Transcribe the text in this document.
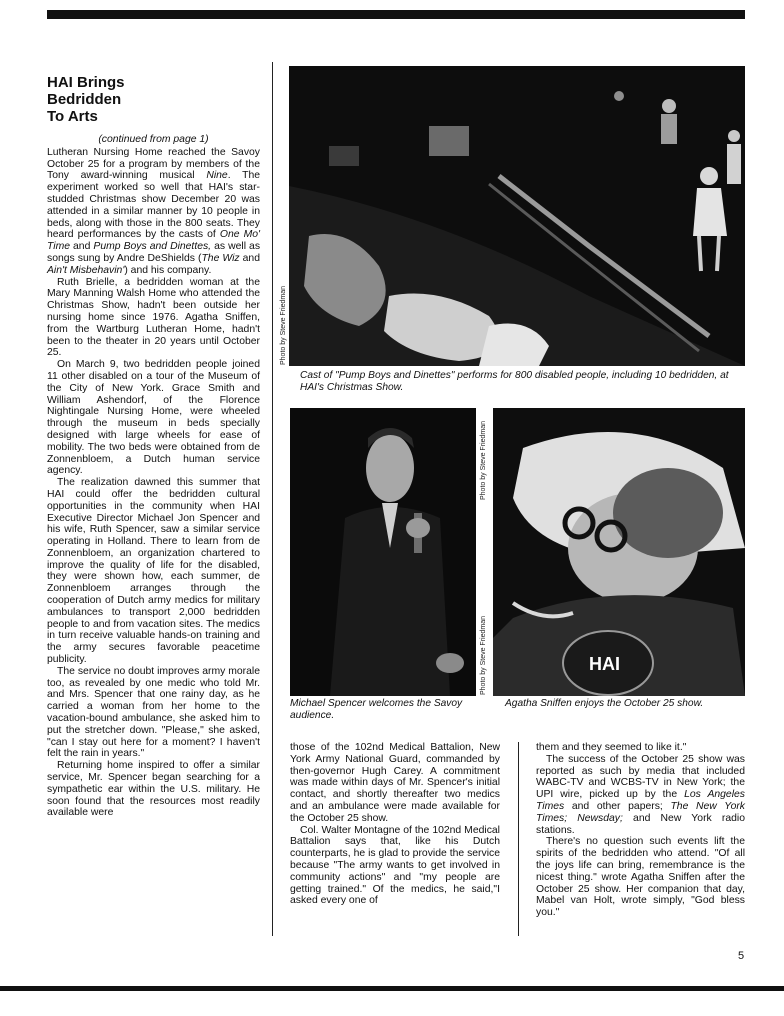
HAI Brings
Bedridden
To Arts

(continued from page 1)

Lutheran Nursing Home reached the Savoy October 25 for a program by members of the Tony award-winning musical Nine. The experiment worked so well that HAI's star-studded Christmas show December 20 was attended in a similar manner by 10 people in beds, along with those in the 800 seats. They heard performances by the casts of One Mo' Time and Pump Boys and Dinettes, as well as songs sung by Andre DeShields (The Wiz and Ain't Misbehavin') and his company.

Ruth Brielle, a bedridden woman at the Mary Manning Walsh Home who attended the Christmas Show, hadn't been outside her nursing home since 1976. Agatha Sniffen, from the Wartburg Lutheran Home, hadn't been to the theater in 20 years until October 25.

On March 9, two bedridden people joined 11 other disabled on a tour of the Museum of the City of New York. Grace Smith and William Ashendorf, of the Florence Nightingale Nursing Home, were wheeled through the museum in beds specially designed with large wheels for ease of mobility. The two beds were obtained from de Zonnenbloem, a Dutch human service agency.

The realization dawned this summer that HAI could offer the bedridden cultural opportunities in the community when HAI Executive Director Michael Jon Spencer and his wife, Ruth Spencer, saw a similar service operating in Holland. There to learn from de Zonnenbloem, an organization chartered to improve the quality of life for the disabled, they were shown how, each summer, de Zonnenbloem arranges through the cooperation of Dutch army medics for military ambulances to transport 2,000 bedridden people to and from vacation sites. The medics in turn receive valuable hands-on training and the army secures favorable peacetime publicity.

The service no doubt improves army morale too, as revealed by one medic who told Mr. and Mrs. Spencer that one rainy day, as he carried a woman from her home to the vacation-bound ambulance, she asked him to put the stretcher down. "Please," she asked, "can I stay out here for a moment? I haven't felt the rain in years."

Returning home inspired to offer a similar service, Mr. Spencer began searching for a sympathetic ear within the U.S. military. He soon found that the resources most readily available were

Photo by Steve Friedman
Cast of "Pump Boys and Dinettes" performs for 800 disabled people, including 10 bedridden, at HAI's Christmas Show.
Photo by Steve Friedman
HAI
Photo by Steve Friedman
Michael Spencer welcomes the Savoy audience.
Agatha Sniffen enjoys the October 25 show.

those of the 102nd Medical Battalion, New York Army National Guard, commanded by then-governor Hugh Carey. A commitment was made within days of Mr. Spencer's initial contact, and shortly thereafter two medics and an ambulance were made available for the October 25 show.

Col. Walter Montagne of the 102nd Medical Battalion says that, like his Dutch counterparts, he is glad to provide the service because "The army wants to get involved in community actions" and "my people are getting trained." Of the medics, he said,"I asked every one of

them and they seemed to like it."

The success of the October 25 show was reported as such by media that included WABC-TV and WCBS-TV in New York; the UPI wire, picked up by the Los Angeles Times and other papers; The New York Times; Newsday; and New York radio stations.

There's no question such events lift the spirits of the bedridden who attend. "Of all the joys life can bring, remembrance is the nicest thing." wrote Agatha Sniffen after the October 25 show. Her companion that day, Mabel van Holt, wrote simply, "God bless you."

5
